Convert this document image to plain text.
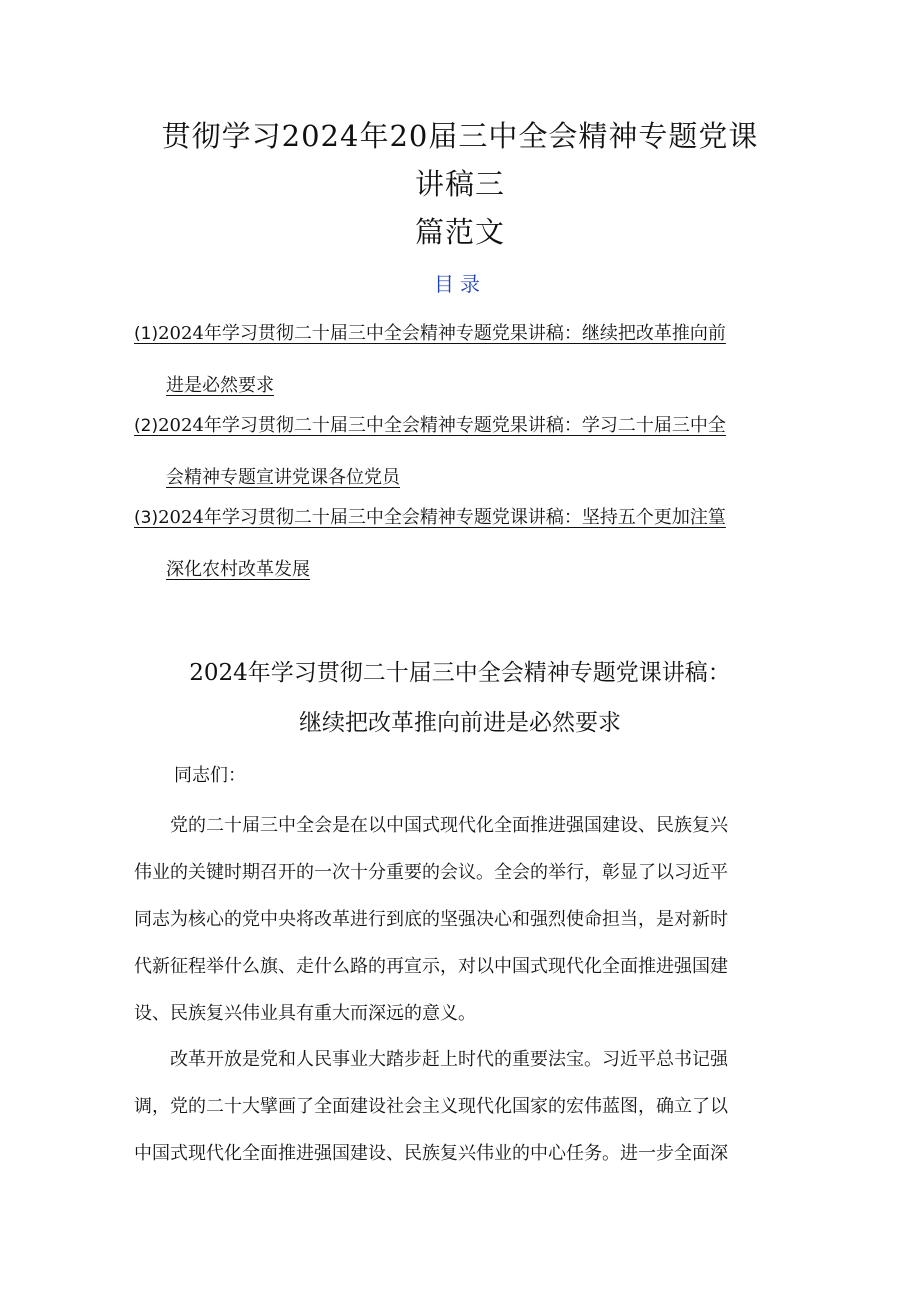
贯彻学习2024年20届三中全会精神专题党课讲稿三
篇范文
目录
(1)2024年学习贯彻二十届三中全会精神专题党果讲稿：继续把改革推向前
进是必然要求
(2)2024年学习贯彻二十届三中全会精神专题党果讲稿：学习二十届三中全
会精神专题宣讲党课各位党员
(3)2024年学习贯彻二十届三中全会精神专题党课讲稿：坚持五个更加注篁
深化农村改革发展
2024年学习贯彻二十届三中全会精神专题党课讲稿：
继续把改革推向前进是必然要求
同志们：
　　党的二十届三中全会是在以中国式现代化全面推进强国建设、民族复兴
伟业的关键时期召开的一次十分重要的会议。全会的举行，彰显了以习近平
同志为核心的党中央将改革进行到底的坚强决心和强烈使命担当，是对新时
代新征程举什么旗、走什么路的再宣示，对以中国式现代化全面推进强国建
设、民族复兴伟业具有重大而深远的意义。
　　改革开放是党和人民事业大踏步赶上时代的重要法宝。习近平总书记强
调，党的二十大擘画了全面建设社会主义现代化国家的宏伟蓝图，确立了以
中国式现代化全面推进强国建设、民族复兴伟业的中心任务。进一步全面深
